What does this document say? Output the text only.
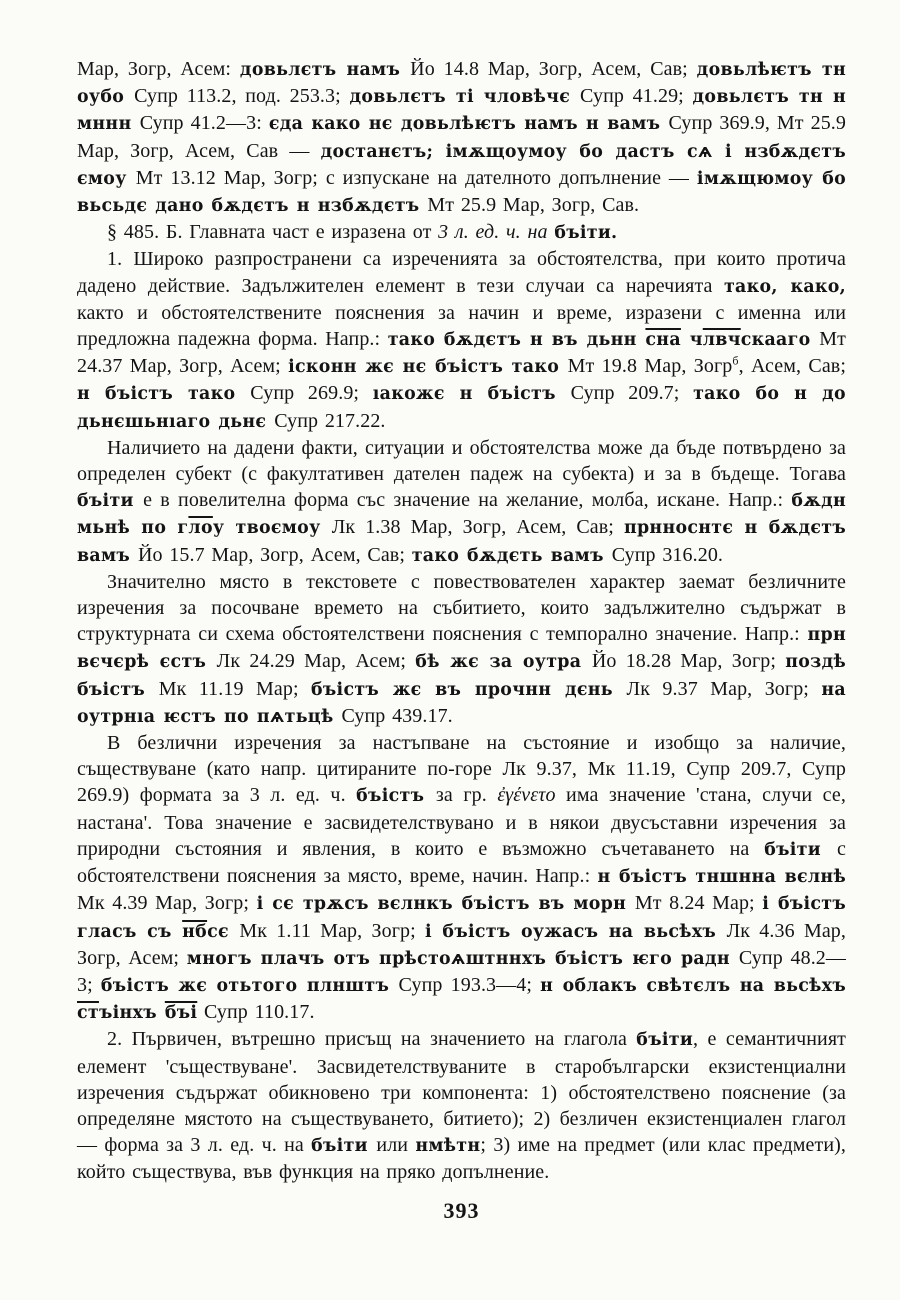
Мар, Зогр, Асем: довьлєтъ намъ Йо 14.8 Мар, Зогр, Асем, Сав; довьлѣѥтъ тн оубо Супр 113.2, под. 253.3; довьлєтъ ті чловѣчє Супр 41.29; довьлєтъ тн н мннн Супр 41.2—3: єда како нє довьлѣѥтъ намъ н вамъ Супр 369.9, Мт 25.9 Мар, Зогр, Асем, Сав — достанєтъ; імѫщоумоу бо дастъ сѧ і нзбѫдєтъ ємоу Мт 13.12 Мар, Зогр; с изпускане на дателното допълнение — імѫщюмоу бо вьсьдє дано бѫдєтъ н нзбѫдєтъ Мт 25.9 Мар, Зогр, Сав.

§ 485. Б. Главната част е изразена от 3 л. ед. ч. на бъіти.

1. Широко разпространени са изреченията за обстоятелства, при които протича дадено действие. Задължителен елемент в тези случаи са наречията тако, како, както и обстоятелствените пояснения за начин и време, изразени с именна или предложна падежна форма. Напр.: тако бѫдєтъ н въ дьнн сна члвчскааго Мт 24.37 Мар, Зогр, Асем; ісконн жє нє бъістъ тако Мт 19.8 Мар, Зогр$^б$, Асем, Сав; н бъістъ тако Супр 269.9; ıакожє н бъістъ Супр 209.7; тако бо н до дьнєшьнıаго дьнє Супр 217.22.

Наличието на дадени факти, ситуации и обстоятелства може да бъде потвърдено за определен субект (с факултативен дателен падеж на субекта) и за в бъдеще. Тогава бъіти е в повелителна форма със значение на желание, молба, искане. Напр.: бѫдн мьнѣ по глоу твоємоу Лк 1.38 Мар, Зогр, Асем, Сав; прнноснтє н бѫдєтъ вамъ Йо 15.7 Мар, Зогр, Асем, Сав; тако бѫдєть вамъ Супр 316.20.

Значително място в текстовете с повествователен характер заемат безличните изречения за посочване времето на събитието, които задължително съдържат в структурната си схема обстоятелствени пояснения с темпорално значение. Напр.: прн вєчєрѣ єстъ Лк 24.29 Мар, Асем; бѣ жє за оутра Йо 18.28 Мар, Зогр; поздѣ бъістъ Мк 11.19 Мар; бъістъ жє въ прочнн дєнь Лк 9.37 Мар, Зогр; на оутрнıа ѥстъ по пѧтьцѣ Супр 439.17.

В безлични изречения за настъпване на състояние и изобщо за наличие, съществуване (като напр. цитираните по-горе Лк 9.37, Мк 11.19, Супр 209.7, Супр 269.9) формата за 3 л. ед. ч. бъістъ за гр. ἐγένετο има значение 'стана, случи се, настана'. Това значение е засвидетелствувано и в някои двусъставни изречения за природни състояния и явления, в които е възможно съчетаването на бъіти с обстоятелствени пояснения за място, време, начин. Напр.: н бъістъ тншнна вєлнѣ Мк 4.39 Мар, Зогр; і сє трѫсъ вєлнкъ бъістъ въ морн Мт 8.24 Мар; і бъістъ гласъ съ нбсє Мк 1.11 Мар, Зогр; і бъістъ оужасъ на вьсѣхъ Лк 4.36 Мар, Зогр, Асем; многъ плачъ отъ прѣстоѧштннхъ бъістъ ѥго радн Супр 48.2—3; бъістъ жє отьтого плнштъ Супр 193.3—4; н облакъ свѣтєлъ на вьсѣхъ стъінхъ бъі Супр 110.17.

2. Първичен, вътрешно присъщ на значението на глагола бъіти, е семантичният елемент 'съществуване'. Засвидетелствуваните в старобългарски екзистенциални изречения съдържат обикновено три компонента: 1) обстоятелствено пояснение (за определяне мястото на съществуването, битието); 2) безличен екзистенциален глагол — форма за 3 л. ед. ч. на бъіти или нмѣтн; 3) име на предмет (или клас предмети), който съществува, във функция на пряко допълнение.

393
